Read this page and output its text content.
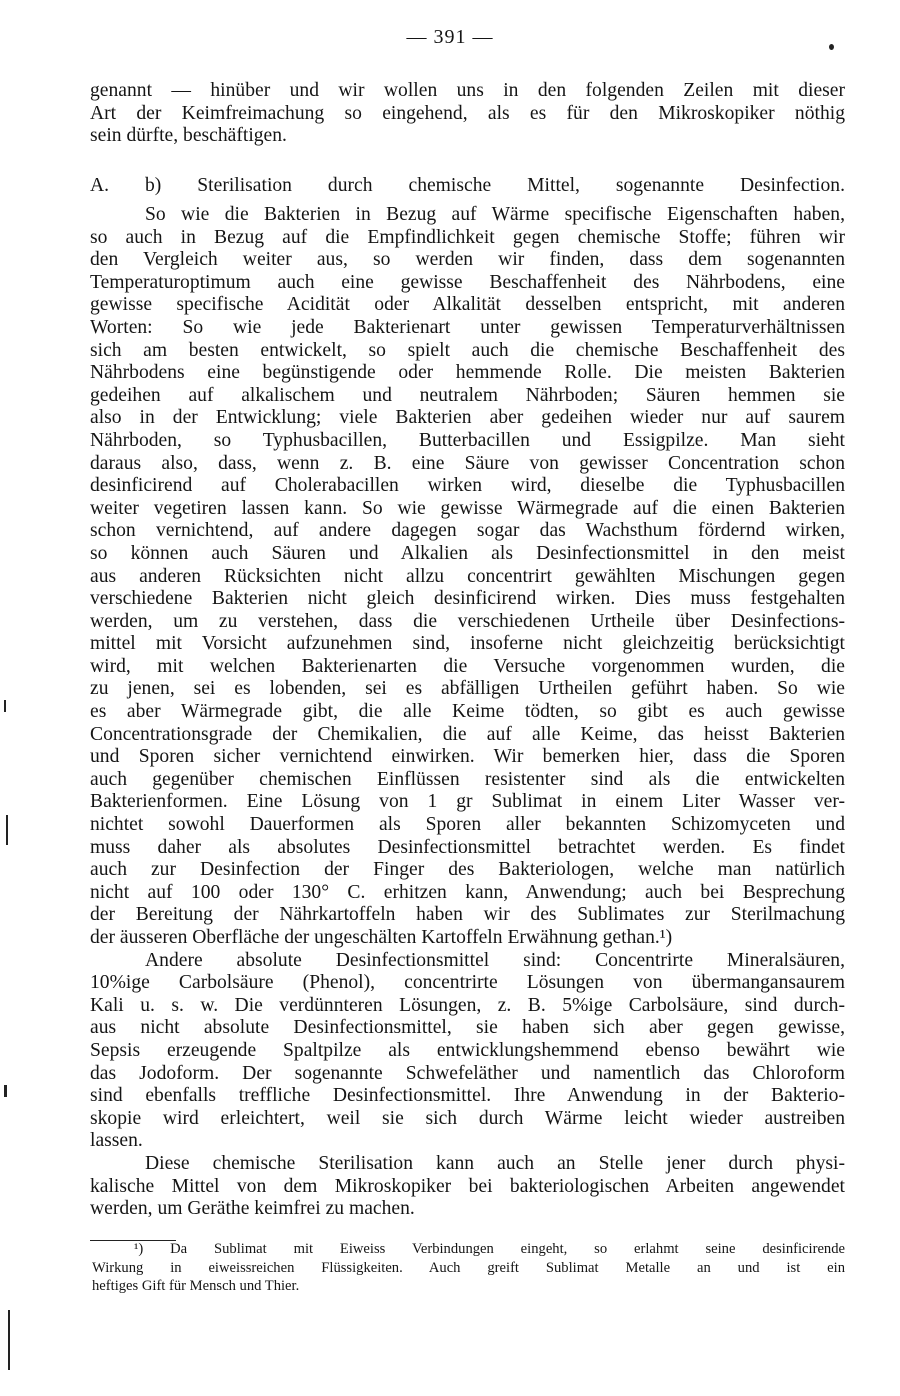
— 391 —
genannt — hinüber und wir wollen uns in den folgenden Zeilen mit dieser
Art der Keimfreimachung so eingehend, als es für den Mikroskopiker nöthig
sein dürfte, beschäftigen.
A. b) Sterilisation durch chemische Mittel, sogenannte Desinfection.
So wie die Bakterien in Bezug auf Wärme specifische Eigenschaften haben,
so auch in Bezug auf die Empfindlichkeit gegen chemische Stoffe; führen wir
den Vergleich weiter aus, so werden wir finden, dass dem sogenannten
Temperaturoptimum auch eine gewisse Beschaffenheit des Nährbodens, eine
gewisse specifische Acidität oder Alkalität desselben entspricht, mit anderen
Worten: So wie jede Bakterienart unter gewissen Temperaturverhältnissen
sich am besten entwickelt, so spielt auch die chemische Beschaffenheit des
Nährbodens eine begünstigende oder hemmende Rolle. Die meisten Bakterien
gedeihen auf alkalischem und neutralem Nährboden; Säuren hemmen sie
also in der Entwicklung; viele Bakterien aber gedeihen wieder nur auf saurem
Nährboden, so Typhusbacillen, Butterbacillen und Essigpilze. Man sieht
daraus also, dass, wenn z. B. eine Säure von gewisser Concentration schon
desinficirend auf Cholerabacillen wirken wird, dieselbe die Typhusbacillen
weiter vegetiren lassen kann. So wie gewisse Wärmegrade auf die einen Bakterien
schon vernichtend, auf andere dagegen sogar das Wachsthum fördernd wirken,
so können auch Säuren und Alkalien als Desinfectionsmittel in den meist
aus anderen Rücksichten nicht allzu concentrirt gewählten Mischungen gegen
verschiedene Bakterien nicht gleich desinficirend wirken. Dies muss festgehalten
werden, um zu verstehen, dass die verschiedenen Urtheile über Desinfections-
mittel mit Vorsicht aufzunehmen sind, insoferne nicht gleichzeitig berücksichtigt
wird, mit welchen Bakterienarten die Versuche vorgenommen wurden, die
zu jenen, sei es lobenden, sei es abfälligen Urtheilen geführt haben. So wie
es aber Wärmegrade gibt, die alle Keime tödten, so gibt es auch gewisse
Concentrationsgrade der Chemikalien, die auf alle Keime, das heisst Bakterien
und Sporen sicher vernichtend einwirken. Wir bemerken hier, dass die Sporen
auch gegenüber chemischen Einflüssen resistenter sind als die entwickelten
Bakterienformen. Eine Lösung von 1 gr Sublimat in einem Liter Wasser ver-
nichtet sowohl Dauerformen als Sporen aller bekannten Schizomyceten und
muss daher als absolutes Desinfectionsmittel betrachtet werden. Es findet
auch zur Desinfection der Finger des Bakteriologen, welche man natürlich
nicht auf 100 oder 130° C. erhitzen kann, Anwendung; auch bei Besprechung
der Bereitung der Nährkartoffeln haben wir des Sublimates zur Sterilmachung
der äusseren Oberfläche der ungeschälten Kartoffeln Erwähnung gethan.¹)
Andere absolute Desinfectionsmittel sind: Concentrirte Mineralsäuren,
10%ige Carbolsäure (Phenol), concentrirte Lösungen von übermangansaurem
Kali u. s. w. Die verdünnteren Lösungen, z. B. 5%ige Carbolsäure, sind durch-
aus nicht absolute Desinfectionsmittel, sie haben sich aber gegen gewisse,
Sepsis erzeugende Spaltpilze als entwicklungshemmend ebenso bewährt wie
das Jodoform. Der sogenannte Schwefeläther und namentlich das Chloroform
sind ebenfalls treffliche Desinfectionsmittel. Ihre Anwendung in der Bakterio-
skopie wird erleichtert, weil sie sich durch Wärme leicht wieder austreiben
lassen.
Diese chemische Sterilisation kann auch an Stelle jener durch physi-
kalische Mittel von dem Mikroskopiker bei bakteriologischen Arbeiten angewendet
werden, um Geräthe keimfrei zu machen.
¹) Da Sublimat mit Eiweiss Verbindungen eingeht, so erlahmt seine desinficirende
Wirkung in eiweissreichen Flüssigkeiten. Auch greift Sublimat Metalle an und ist ein
heftiges Gift für Mensch und Thier.
